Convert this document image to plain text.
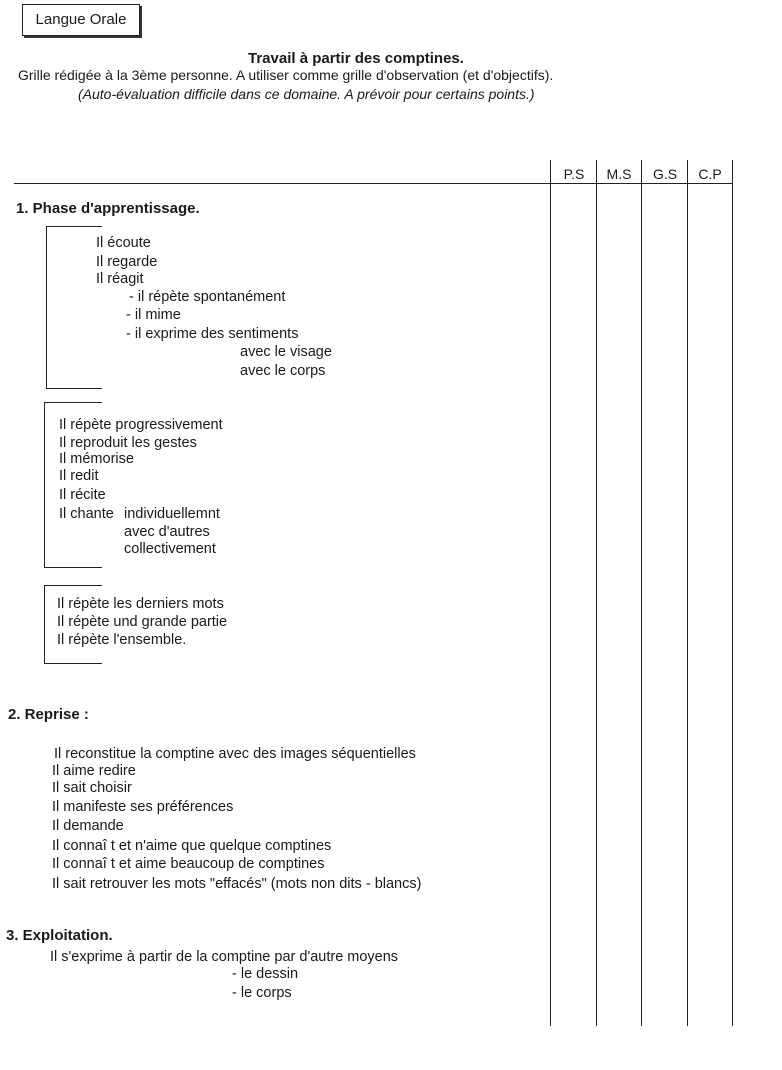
Langue Orale
Travail à partir des comptines.
Grille rédigée à la 3ème personne. A utiliser comme grille d'observation (et d'objectifs).
(Auto-évaluation difficile dans ce domaine. A prévoir pour certains points.)
P.S	M.S	G.S	C.P
1. Phase d'apprentissage.
Il écoute
Il regarde
Il réagit
- il répète spontanément
- il mime
- il exprime des sentiments
avec le visage
avec le corps
Il répète progressivement
Il reproduit les gestes
Il mémorise
Il redit
Il récite
Il chante individuellemnt
avec d'autres
collectivement
Il répète les derniers mots
Il répète und grande partie
Il répète l'ensemble.
2. Reprise :
Il reconstitue la comptine avec des images séquentielles
Il aime redire
Il sait choisir
Il manifeste ses préférences
Il demande
Il connaî t et n'aime que quelque comptines
Il connaî t et aime beaucoup de comptines
Il sait retrouver les mots "effacés" (mots non dits - blancs)
3. Exploitation.
Il s'exprime à partir de la comptine par d'autre moyens
- le dessin
- le corps
